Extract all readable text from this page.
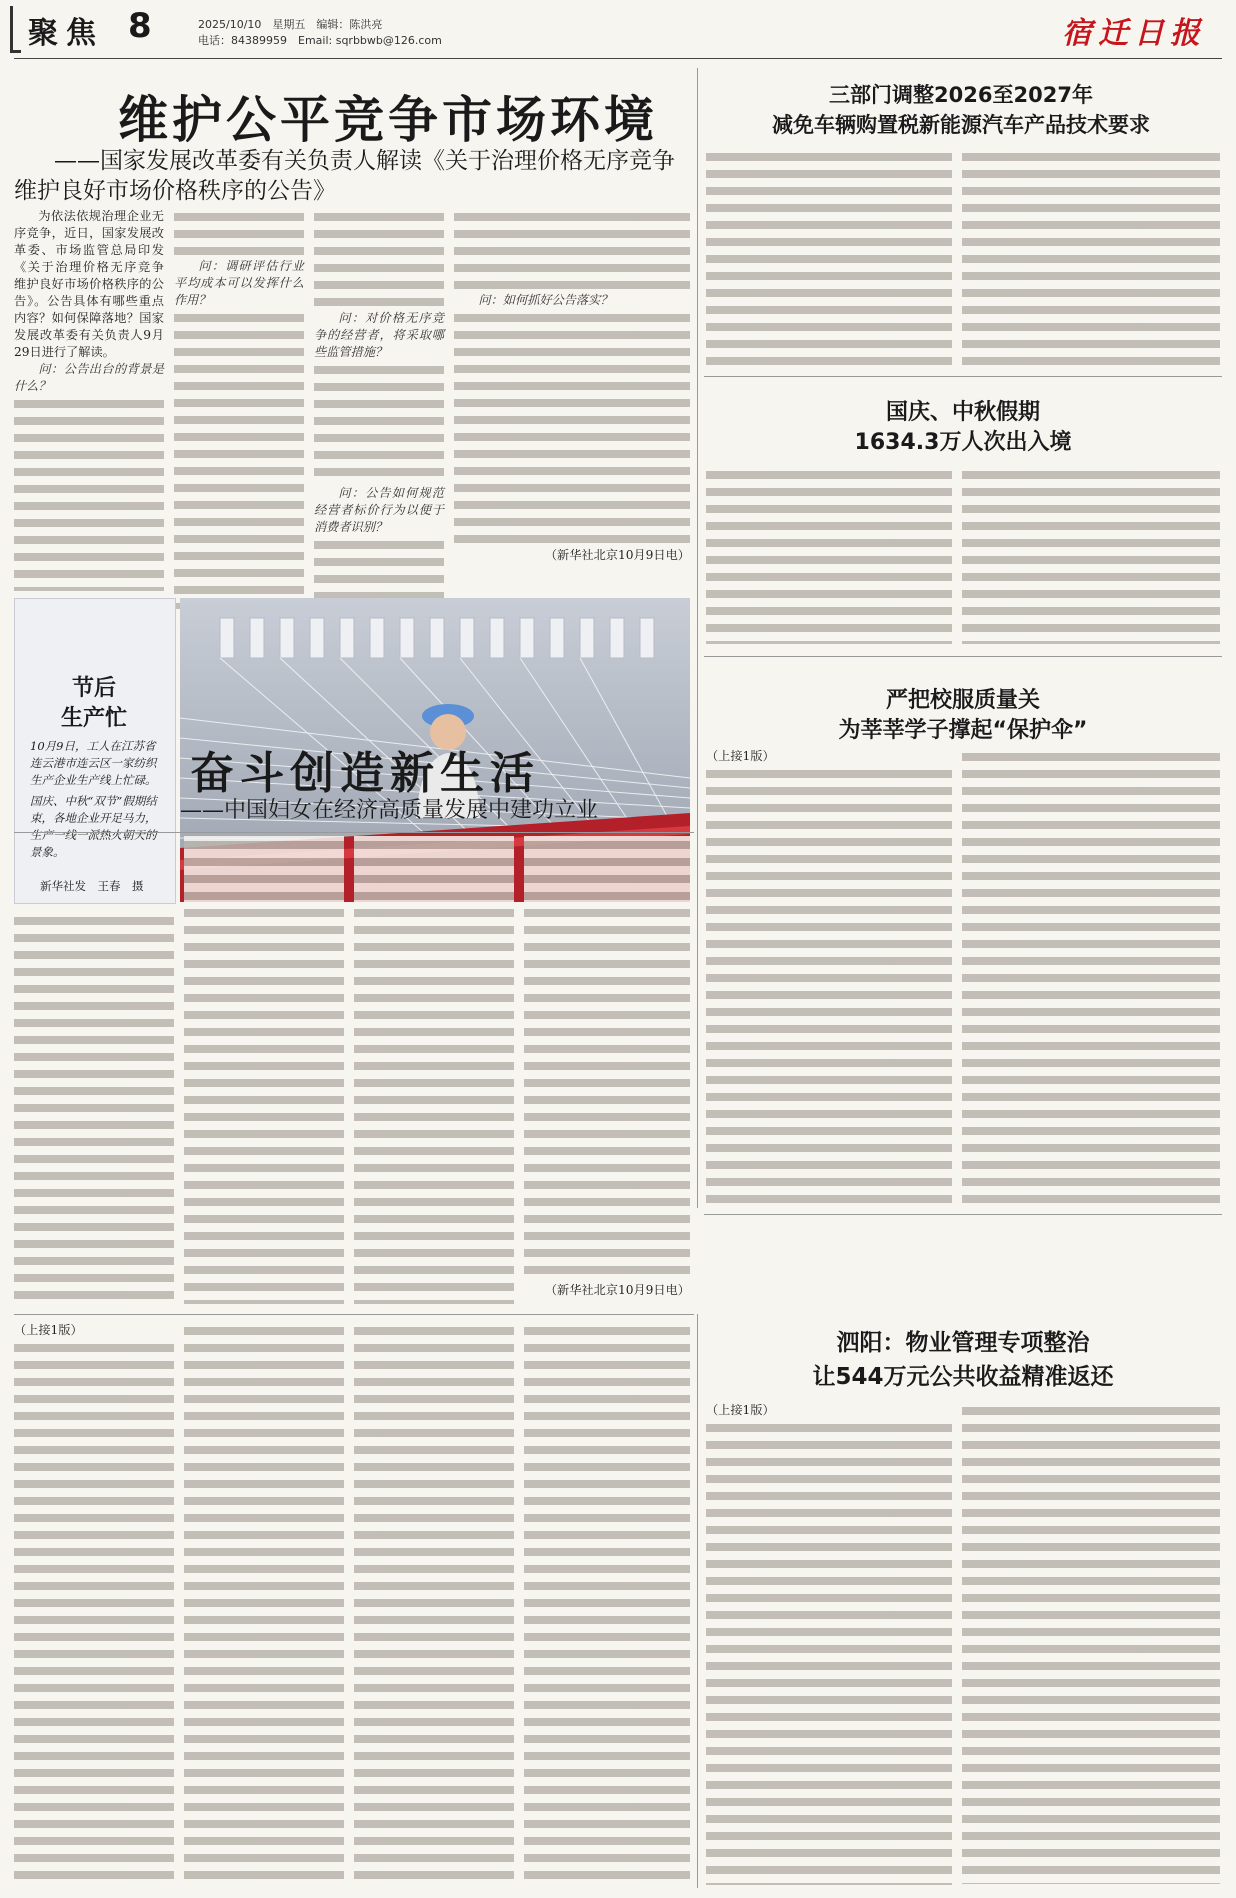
聚焦 8	2025/10/10　星期五　编辑：陈洪亮
电话：84389959　Email: sqrbbwb@126.com	宿迁日报
维护公平竞争市场环境
——国家发展改革委有关负责人解读《关于治理价格无序竞争
维护良好市场价格秩序的公告》

为依法依规治理企业无序竞争，近日，国家发展改革委、市场监管总局印发《关于治理价格无序竞争 维护良好市场价格秩序的公告》。公告具体有哪些重点内容？如何保障落地？国家发展改革委有关负责人9月29日进行了解读。

问：公告出台的背景是什么？

问：调研评估行业平均成本可以发挥什么作用？

问：对价格无序竞争的经营者，将采取哪些监管措施？

问：公告如何规范经营者标价行为以便于消费者识别？

问：如何抓好公告落实？

（新华社北京10月9日电）

三部门调整2026至2027年
减免车辆购置税新能源汽车产品技术要求
国庆、中秋假期
1634.3万人次出入境
严把校服质量关
为莘莘学子撑起“保护伞”

（上接1版）

节后
生产忙
10月9日，工人在江苏省连云港市连云区一家纺织生产企业生产线上忙碌。
国庆、中秋“双节”假期结束，各地企业开足马力，生产一线一派热火朝天的景象。
新华社发　王春　摄
奋斗创造新生活
——中国妇女在经济高质量发展中建功立业

（新华社北京10月9日电）

（上接1版）	泗阳：物业管理专项整治
让544万元公共收益精准返还

（上接1版）
